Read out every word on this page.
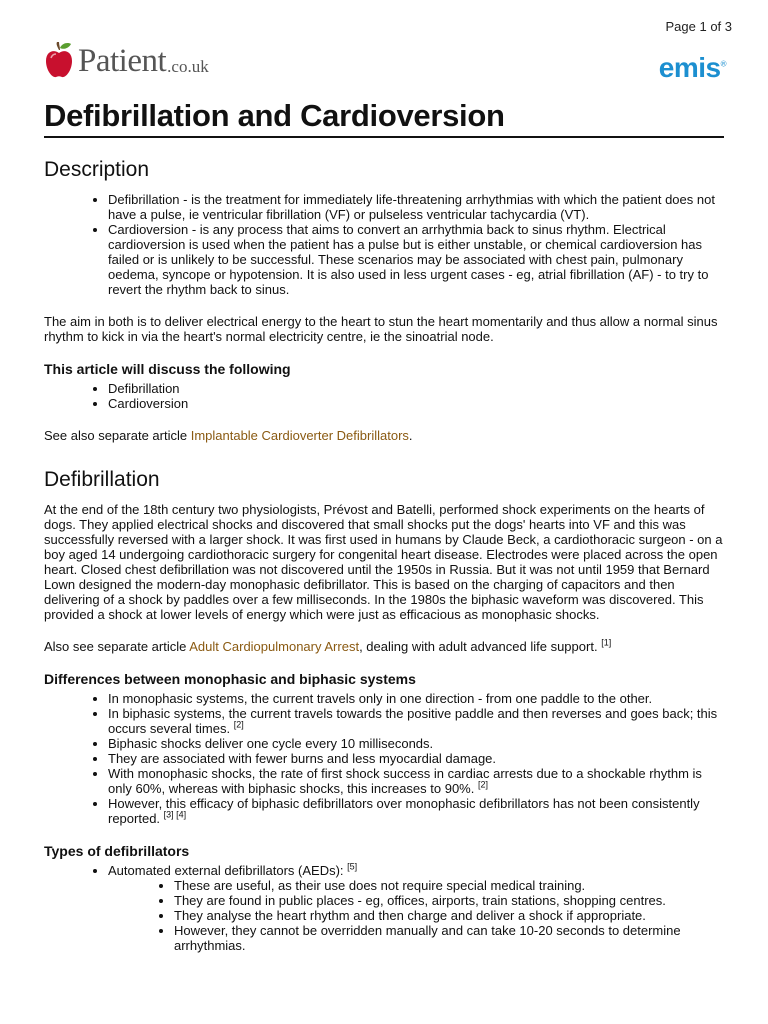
Page 1 of 3
Patient .co.uk	emis®
Defibrillation and Cardioversion
Description
• Defibrillation - is the treatment for immediately life-threatening arrhythmias with which the patient does not have a pulse, ie ventricular fibrillation (VF) or pulseless ventricular tachycardia (VT).
• Cardioversion - is any process that aims to convert an arrhythmia back to sinus rhythm. Electrical cardioversion is used when the patient has a pulse but is either unstable, or chemical cardioversion has failed or is unlikely to be successful. These scenarios may be associated with chest pain, pulmonary oedema, syncope or hypotension. It is also used in less urgent cases - eg, atrial fibrillation (AF) - to try to revert the rhythm back to sinus.

The aim in both is to deliver electrical energy to the heart to stun the heart momentarily and thus allow a normal sinus rhythm to kick in via the heart's normal electricity centre, ie the sinoatrial node.

This article will discuss the following
• Defibrillation
• Cardioversion

See also separate article Implantable Cardioverter Defibrillators.

Defibrillation

At the end of the 18th century two physiologists, Prévost and Batelli, performed shock experiments on the hearts of dogs. They applied electrical shocks and discovered that small shocks put the dogs' hearts into VF and this was successfully reversed with a larger shock. It was first used in humans by Claude Beck, a cardiothoracic surgeon - on a boy aged 14 undergoing cardiothoracic surgery for congenital heart disease. Electrodes were placed across the open heart. Closed chest defibrillation was not discovered until the 1950s in Russia. But it was not until 1959 that Bernard Lown designed the modern-day monophasic defibrillator. This is based on the charging of capacitors and then delivering of a shock by paddles over a few milliseconds. In the 1980s the biphasic waveform was discovered. This provided a shock at lower levels of energy which were just as efficacious as monophasic shocks.

Also see separate article Adult Cardiopulmonary Arrest, dealing with adult advanced life support. [1]

Differences between monophasic and biphasic systems
• In monophasic systems, the current travels only in one direction - from one paddle to the other.
• In biphasic systems, the current travels towards the positive paddle and then reverses and goes back; this occurs several times. [2]
• Biphasic shocks deliver one cycle every 10 milliseconds.
• They are associated with fewer burns and less myocardial damage.
• With monophasic shocks, the rate of first shock success in cardiac arrests due to a shockable rhythm is only 60%, whereas with biphasic shocks, this increases to 90%. [2]
• However, this efficacy of biphasic defibrillators over monophasic defibrillators has not been consistently reported. [3] [4]
Types of defibrillators
• Automated external defibrillators (AEDs): [5]
• These are useful, as their use does not require special medical training.
• They are found in public places - eg, offices, airports, train stations, shopping centres.
• They analyse the heart rhythm and then charge and deliver a shock if appropriate.
• However, they cannot be overridden manually and can take 10-20 seconds to determine arrhythmias.
